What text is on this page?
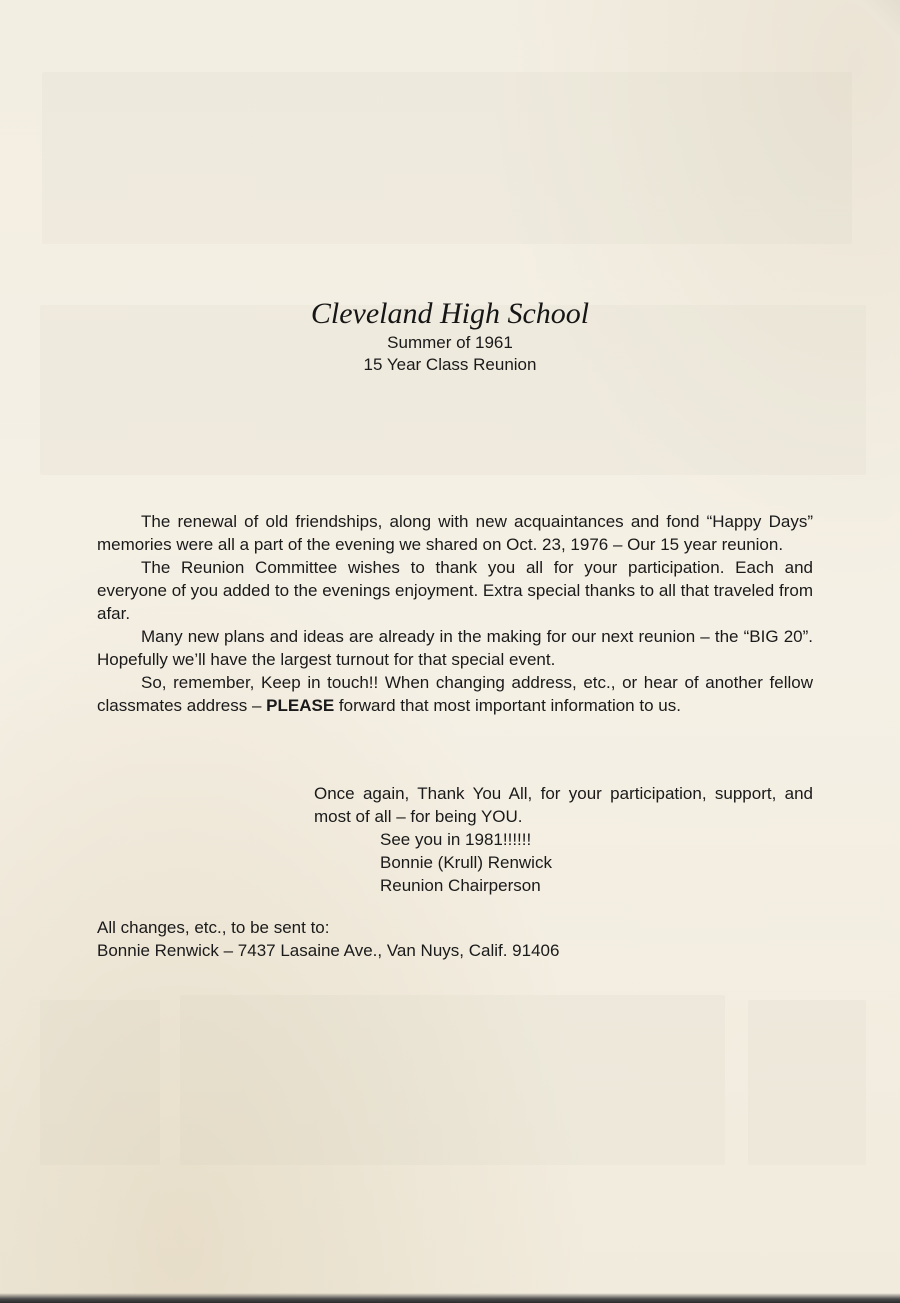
Cleveland High School

Summer of 1961

15 Year Class Reunion

The renewal of old friendships, along with new acquaintances and fond “Happy Days” memories were all a part of the evening we shared on Oct. 23, 1976 – Our 15 year reunion.

The Reunion Committee wishes to thank you all for your participation. Each and everyone of you added to the evenings enjoyment. Extra special thanks to all that traveled from afar.

Many new plans and ideas are already in the making for our next reunion – the “BIG 20”. Hopefully we’ll have the largest turnout for that special event.

So, remember, Keep in touch!! When changing address, etc., or hear of another fellow classmates address – PLEASE forward that most important information to us.

Once again, Thank You All, for your participation, support, and most of all – for being YOU.

See you in 1981!!!!!!

Bonnie (Krull) Renwick

Reunion Chairperson

All changes, etc., to be sent to:

Bonnie Renwick – 7437 Lasaine Ave., Van Nuys, Calif. 91406
